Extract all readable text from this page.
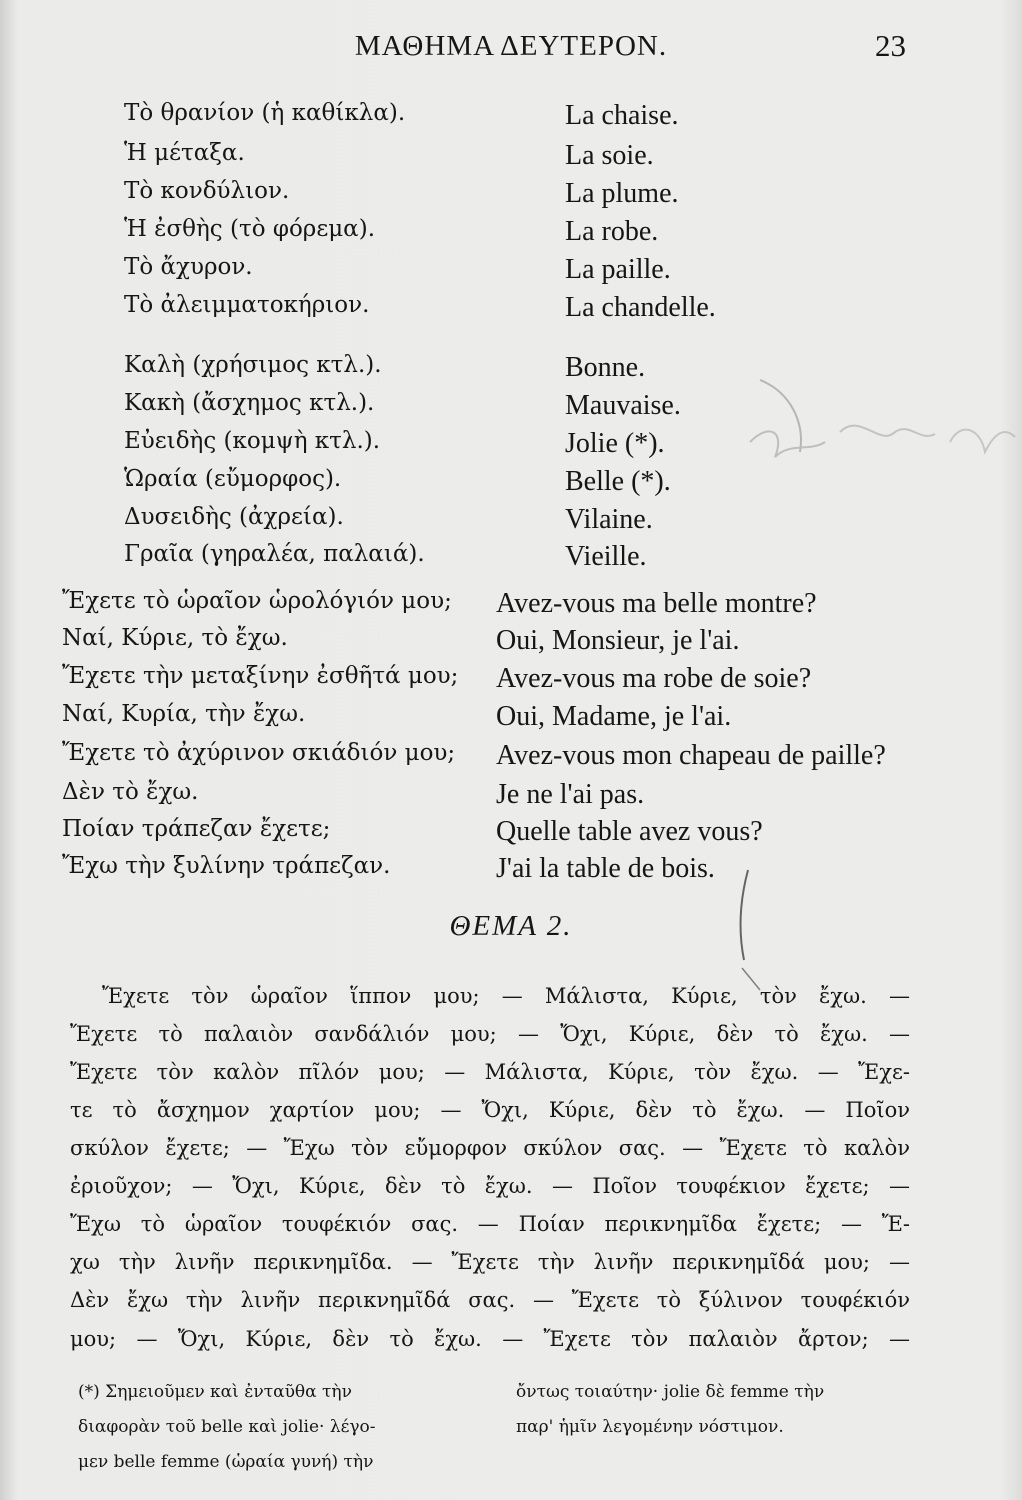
ΜΑΘΗΜΑ ΔΕΥΤΕΡΟΝ.	23
Τὸ θρανίον (ἡ καθίκλα).	La chaise.
Ἡ μέταξα.	La soie.
Τὸ κονδύλιον.	La plume.
Ἡ ἐσθὴς (τὸ φόρεμα).	La robe.
Τὸ ἄχυρον.	La paille.
Τὸ ἀλειμματοκήριον.	La chandelle.
Καλὴ (χρήσιμος κτλ.).	Bonne.
Κακὴ (ἄσχημος κτλ.).	Mauvaise.
Εὐειδὴς (κομψὴ κτλ.).	Jolie (*).
Ὡραία (εὔμορφος).	Belle (*).
Δυσειδὴς (ἀχρεία).	Vilaine.
Γραῖα (γηραλέα, παλαιά).	Vieille.
Ἔχετε τὸ ὡραῖον ὡρολόγιόν μου; Avez-vous ma belle montre?
Ναί, Κύριε, τὸ ἔχω.	Oui, Monsieur, je l'ai.
Ἔχετε τὴν μεταξίνην ἐσθῆτά μου; Avez-vous ma robe de soie?
Ναί, Κυρία, τὴν ἔχω.	Oui, Madame, je l'ai.
Ἔχετε τὸ ἀχύρινον σκιάδιόν μου; Avez-vous mon chapeau de paille?
Δὲν τὸ ἔχω.	Je ne l'ai pas.
Ποίαν τράπεζαν ἔχετε;	Quelle table avez vous?
Ἔχω τὴν ξυλίνην τράπεζαν.	J'ai la table de bois.
ΘΕΜΑ 2.
Ἔχετε τὸν ὡραῖον ἵππον μου; — Μάλιστα, Κύριε, τὸν ἔχω. —
Ἔχετε τὸ παλαιὸν σανδάλιόν μου; — Ὄχι, Κύριε, δὲν τὸ ἔχω. —
Ἔχετε τὸν καλὸν πῖλόν μου; — Μάλιστα, Κύριε, τὸν ἔχω. — Ἔχε-
τε τὸ ἄσχημον χαρτίον μου; — Ὄχι, Κύριε, δὲν τὸ ἔχω. — Ποῖον
σκύλον ἔχετε; — Ἔχω τὸν εὔμορφον σκύλον σας. — Ἔχετε τὸ καλὸν
ἐριοῦχον; — Ὄχι, Κύριε, δὲν τὸ ἔχω. — Ποῖον τουφέκιον ἔχετε; —
Ἔχω τὸ ὡραῖον τουφέκιόν σας. — Ποίαν περικνημῖδα ἔχετε; — Ἔ-
χω τὴν λινῆν περικνημῖδα. — Ἔχετε τὴν λινῆν περικνημῖδά μου; —
Δὲν ἔχω τὴν λινῆν περικνημῖδά σας. — Ἔχετε τὸ ξύλινον τουφέκιόν
μου; — Ὄχι, Κύριε, δὲν τὸ ἔχω. — Ἔχετε τὸν παλαιὸν ἄρτον; —
(*) Σημειοῦμεν καὶ ἐνταῦθα τὴν
διαφορὰν τοῦ belle καὶ jolie· λέγο-
μεν belle femme (ὡραία γυνή) τὴν
ὄντως τοιαύτην· jolie δὲ femme τὴν
παρ' ἡμῖν λεγομένην νόστιμον.
